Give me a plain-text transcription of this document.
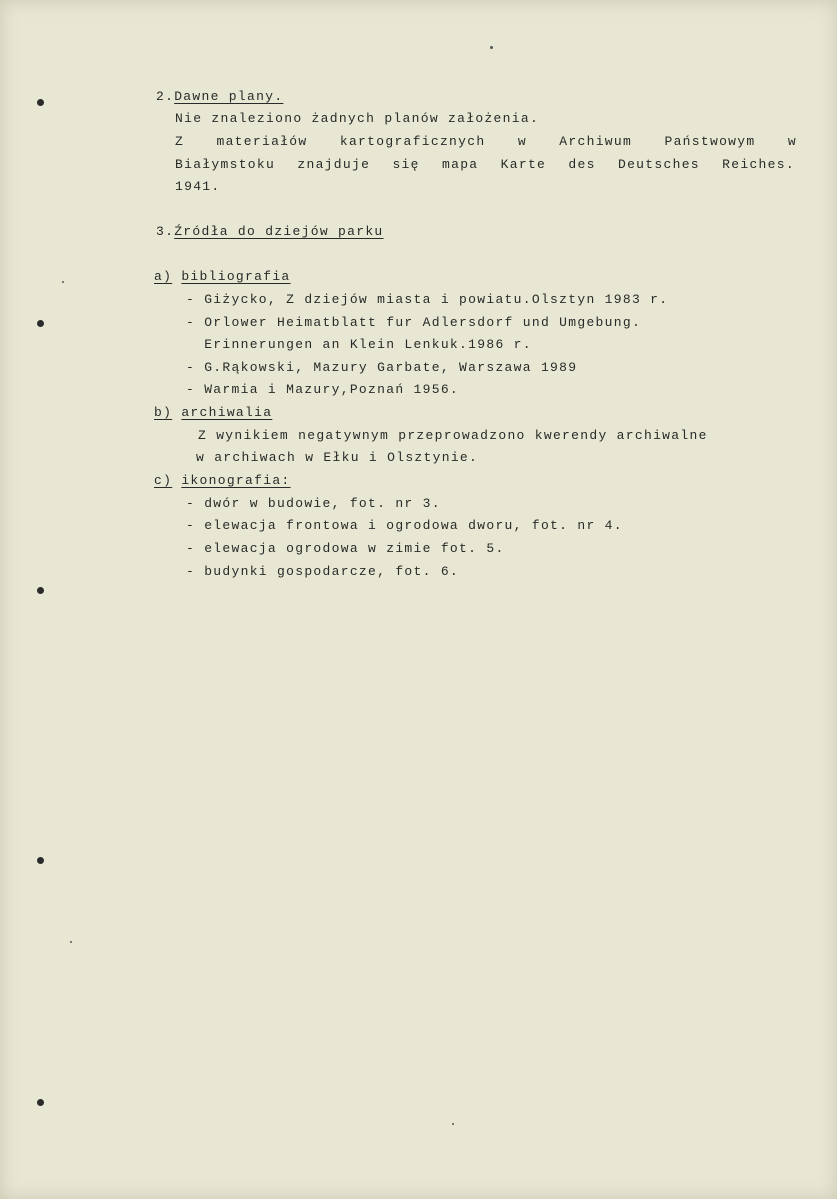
2.Dawne plany.
Nie znaleziono żadnych planów założenia.
Z materiałów kartograficznych w Archiwum Państwowym w
Białymstoku znajduje się mapa Karte des Deutsches Reiches.
1941.
3.Źródła do dziejów parku
a) bibliografia
- Giżycko, Z dziejów miasta i powiatu.Olsztyn 1983 r.
- Orlower Heimatblatt fur Adlersdorf und Umgebung.
Erinnerungen an Klein Lenkuk.1986 r.
- G.Rąkowski, Mazury Garbate, Warszawa 1989
- Warmia i Mazury,Poznań 1956.
b) archiwalia
Z wynikiem negatywnym przeprowadzono kwerendy archiwalne
w archiwach w Ełku i Olsztynie.
c) ikonografia:
- dwór w budowie, fot. nr 3.
- elewacja frontowa i ogrodowa dworu, fot. nr 4.
- elewacja ogrodowa w zimie fot. 5.
- budynki gospodarcze, fot. 6.
